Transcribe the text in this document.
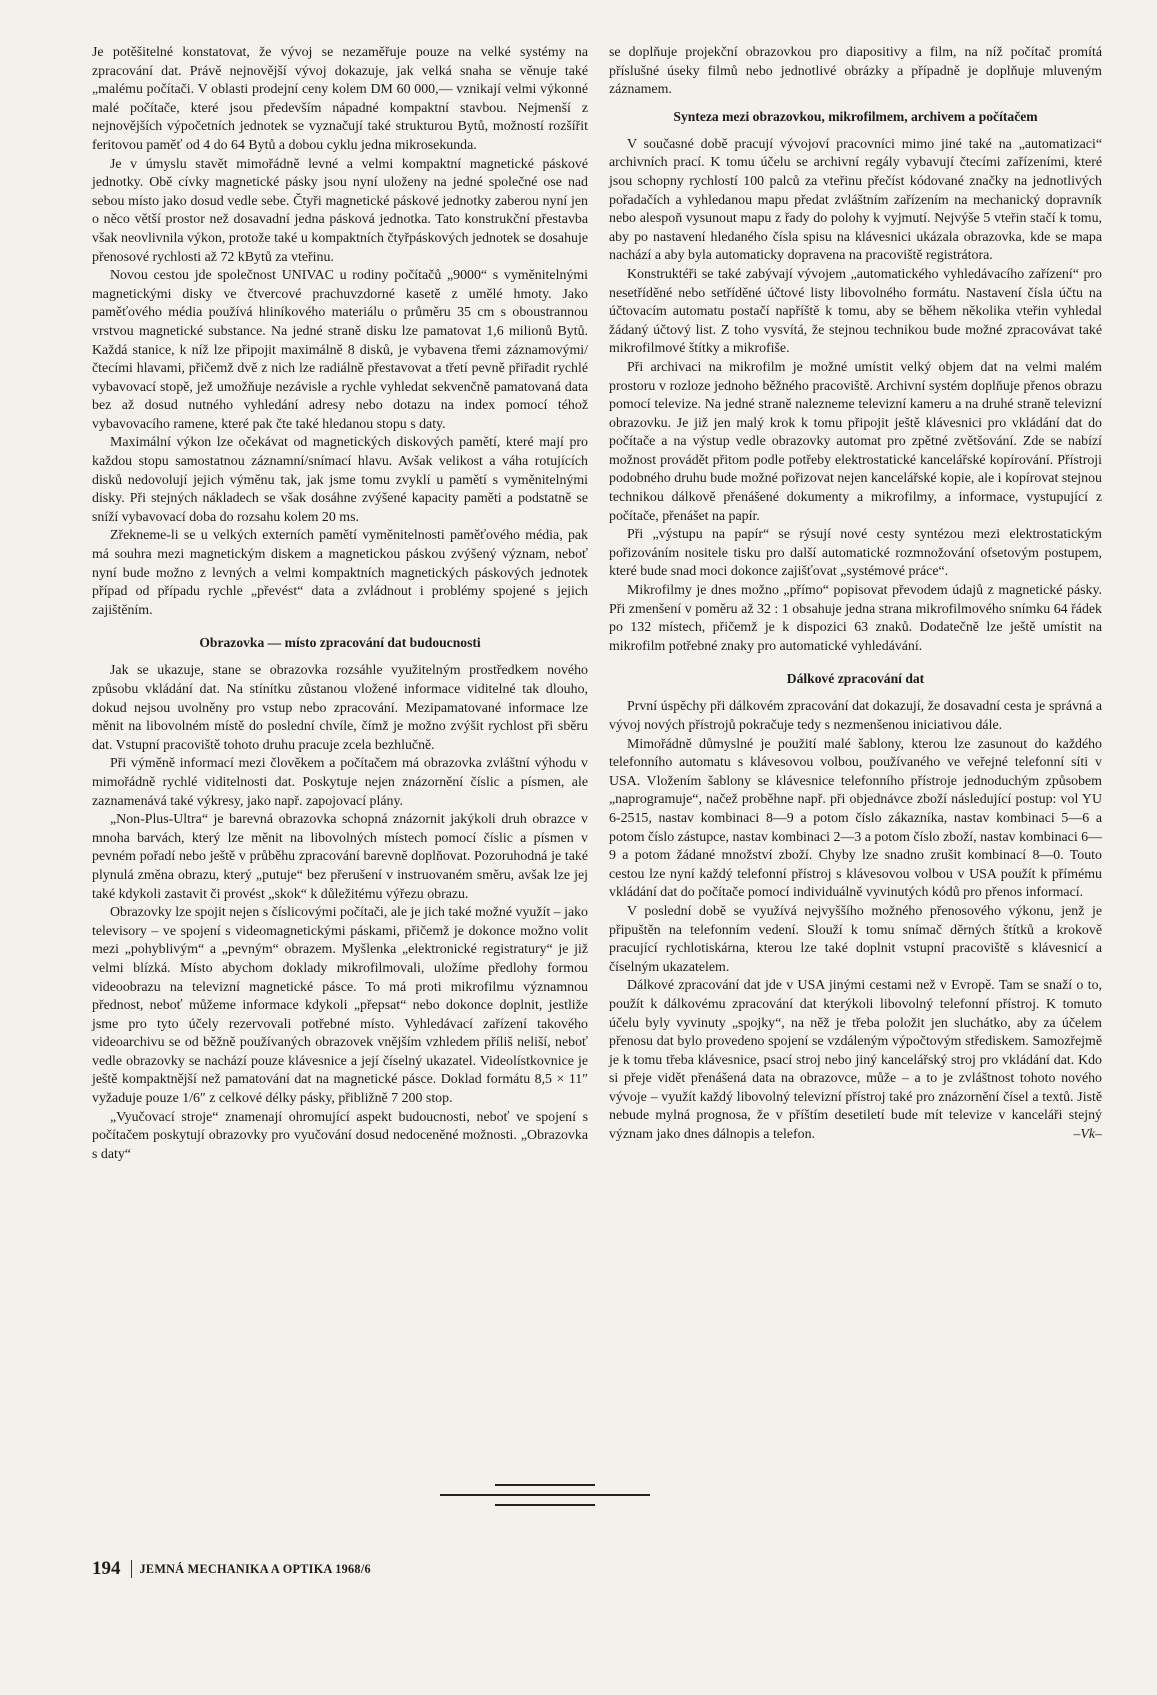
Je potěšitelné konstatovat, že vývoj se nezaměřuje pouze na velké systémy na zpracování dat. Právě nejnovější vývoj dokazuje, jak velká snaha se věnuje také „malému počítači. V oblasti prodejní ceny kolem DM 60 000,— vznikají velmi výkonné malé počítače, které jsou především nápadné kompaktní stavbou. Nejmenší z nejnovějších výpočetních jednotek se vyznačují také strukturou Bytů, možností rozšířit feritovou paměť od 4 do 64 Bytů a dobou cyklu jedna mikrosekunda.

Je v úmyslu stavět mimořádně levné a velmi kompaktní magnetické páskové jednotky. Obě cívky magnetické pásky jsou nyní uloženy na jedné společné ose nad sebou místo jako dosud vedle sebe. Čtyři magnetické páskové jednotky zaberou nyní jen o něco větší prostor než dosavadní jedna pásková jednotka. Tato konstrukční přestavba však neovlivnila výkon, protože také u kompaktních čtyřpáskových jednotek se dosahuje přenosové rychlosti až 72 kBytů za vteřinu.

Novou cestou jde společnost UNIVAC u rodiny počítačů „9000“ s vyměnitelnými magnetickými disky ve čtvercové prachuvzdorné kasetě z umělé hmoty. Jako paměťového média používá hliníkového materiálu o průměru 35 cm s oboustrannou vrstvou magnetické substance. Na jedné straně disku lze pamatovat 1,6 milionů Bytů. Každá stanice, k níž lze připojit maximálně 8 disků, je vybavena třemi záznamovými/čtecími hlavami, přičemž dvě z nich lze radiálně přestavovat a třetí pevně přiřadit rychlé vybavovací stopě, jež umožňuje nezávisle a rychle vyhledat sekvenčně pamatovaná data bez až dosud nutného vyhledání adresy nebo dotazu na index pomocí téhož vybavovacího ramene, které pak čte také hledanou stopu s daty.

Maximální výkon lze očekávat od magnetických diskových pamětí, které mají pro každou stopu samostatnou záznamní/snímací hlavu. Avšak velikost a váha rotujících disků nedovolují jejich výměnu tak, jak jsme tomu zvyklí u pamětí s vyměnitelnými disky. Při stejných nákladech se však dosáhne zvýšené kapacity paměti a podstatně se sníží vybavovací doba do rozsahu kolem 20 ms.

Zřekneme-li se u velkých externích pamětí vyměnitelnosti paměťového média, pak má souhra mezi magnetickým diskem a magnetickou páskou zvýšený význam, neboť nyní bude možno z levných a velmi kompaktních magnetických páskových jednotek případ od případu rychle „převést“ data a zvládnout i problémy spojené s jejich zajištěním.

Obrazovka — místo zpracování dat budoucnosti

Jak se ukazuje, stane se obrazovka rozsáhle využitelným prostředkem nového způsobu vkládání dat. Na stínítku zůstanou vložené informace viditelné tak dlouho, dokud nejsou uvolněny pro vstup nebo zpracování. Mezipamatované informace lze měnit na libovolném místě do poslední chvíle, čímž je možno zvýšit rychlost při sběru dat. Vstupní pracoviště tohoto druhu pracuje zcela bezhlučně.

Při výměně informací mezi člověkem a počítačem má obrazovka zvláštní výhodu v mimořádně rychlé viditelnosti dat. Poskytuje nejen znázornění číslic a písmen, ale zaznamenává také výkresy, jako např. zapojovací plány.

„Non-Plus-Ultra“ je barevná obrazovka schopná znázornit jakýkoli druh obrazce v mnoha barvách, který lze měnit na libovolných místech pomocí číslic a písmen v pevném pořadí nebo ještě v průběhu zpracování barevně doplňovat. Pozoruhodná je také plynulá změna obrazu, který „putuje“ bez přerušení v instruovaném směru, avšak lze jej také kdykoli zastavit či provést „skok“ k důležitému výřezu obrazu.

Obrazovky lze spojit nejen s číslicovými počítači, ale je jich také možné využít – jako televisory – ve spojení s videomagnetickými páskami, přičemž je dokonce možno volit mezi „pohyblivým“ a „pevným“ obrazem. Myšlenka „elektronické registratury“ je již velmi blízká. Místo abychom doklady mikrofilmovali, uložíme předlohy formou videoobrazu na televizní magnetické pásce. To má proti mikrofilmu významnou přednost, neboť můžeme informace kdykoli „přepsat“ nebo dokonce doplnit, jestliže jsme pro tyto účely rezervovali potřebné místo. Vyhledávací zařízení takového videoarchivu se od běžně používaných obrazovek vnějším vzhledem příliš neliší, neboť vedle obrazovky se nachází pouze klávesnice a její číselný ukazatel. Videolístkovnice je ještě kompaktnější než pamatování dat na magnetické pásce. Doklad formátu 8,5 × 11″ vyžaduje pouze 1/6″ z celkové délky pásky, přibližně 7 200 stop.

„Vyučovací stroje“ znamenají ohromující aspekt budoucnosti, neboť ve spojení s počítačem poskytují obrazovky pro vyučování dosud nedoceněné možnosti. „Obrazovka s daty“

se doplňuje projekční obrazovkou pro diapositivy a film, na níž počítač promítá příslušné úseky filmů nebo jednotlivé obrázky a případně je doplňuje mluveným záznamem.

Synteza mezi obrazovkou, mikrofilmem, archivem a počítačem

V současné době pracují vývojoví pracovníci mimo jiné také na „automatizaci“ archivních prací. K tomu účelu se archivní regály vybavují čtecími zařízeními, které jsou schopny rychlostí 100 palců za vteřinu přečíst kódované značky na jednotlivých pořadačích a vyhledanou mapu předat zvláštním zařízením na mechanický dopravník nebo alespoň vysunout mapu z řady do polohy k vyjmutí. Nejvýše 5 vteřin stačí k tomu, aby po nastavení hledaného čísla spisu na klávesnici ukázala obrazovka, kde se mapa nachází a aby byla automaticky dopravena na pracoviště registrátora.

Konstruktéři se také zabývají vývojem „automatického vyhledávacího zařízení“ pro nesetříděné nebo setříděné účtové listy libovolného formátu. Nastavení čísla účtu na účtovacím automatu postačí napříště k tomu, aby se během několika vteřin vyhledal žádaný účtový list. Z toho vysvítá, že stejnou technikou bude možné zpracovávat také mikrofilmové štítky a mikrofiše.

Při archivaci na mikrofilm je možné umístit velký objem dat na velmi malém prostoru v rozloze jednoho běžného pracoviště. Archivní systém doplňuje přenos obrazu pomocí televize. Na jedné straně nalezneme televizní kameru a na druhé straně televizní obrazovku. Je již jen malý krok k tomu připojit ještě klávesnici pro vkládání dat do počítače a na výstup vedle obrazovky automat pro zpětné zvětšování. Zde se nabízí možnost provádět přitom podle potřeby elektrostatické kancelářské kopírování. Přístroji podobného druhu bude možné pořizovat nejen kancelářské kopie, ale i kopírovat stejnou technikou dálkově přenášené dokumenty a mikrofilmy, a informace, vystupující z počítače, přenášet na papír.

Při „výstupu na papír“ se rýsují nové cesty syntézou mezi elektrostatickým pořizováním nositele tisku pro další automatické rozmnožování ofsetovým postupem, které bude snad moci dokonce zajišťovat „systémové práce“.

Mikrofilmy je dnes možno „přímo“ popisovat převodem údajů z magnetické pásky. Při zmenšení v poměru až 32 : 1 obsahuje jedna strana mikrofilmového snímku 64 řádek po 132 místech, přičemž je k dispozici 63 znaků. Dodatečně lze ještě umístit na mikrofilm potřebné znaky pro automatické vyhledávání.

Dálkové zpracování dat

První úspěchy při dálkovém zpracování dat dokazují, že dosavadní cesta je správná a vývoj nových přístrojů pokračuje tedy s nezmenšenou iniciativou dále.

Mimořádně důmyslné je použití malé šablony, kterou lze zasunout do každého telefonního automatu s klávesovou volbou, používaného ve veřejné telefonní síti v USA. Vložením šablony se klávesnice telefonního přístroje jednoduchým způsobem „naprogramuje“, načež proběhne např. při objednávce zboží následující postup: vol YU 6-2515, nastav kombinaci 8—9 a potom číslo zákazníka, nastav kombinaci 5—6 a potom číslo zástupce, nastav kombinaci 2—3 a potom číslo zboží, nastav kombinaci 6—9 a potom žádané množství zboží. Chyby lze snadno zrušit kombinací 8—0. Touto cestou lze nyní každý telefonní přístroj s klávesovou volbou v USA použít k přímému vkládání dat do počítače pomocí individuálně vyvinutých kódů pro přenos informací.

V poslední době se využívá nejvyššího možného přenosového výkonu, jenž je připuštěn na telefonním vedení. Slouží k tomu snímač děrných štítků a krokově pracující rychlotiskárna, kterou lze také doplnit vstupní pracoviště s klávesnicí a číselným ukazatelem.

Dálkové zpracování dat jde v USA jinými cestami než v Evropě. Tam se snaží o to, použít k dálkovému zpracování dat kterýkoli libovolný telefonní přístroj. K tomuto účelu byly vyvinuty „spojky“, na něž je třeba položit jen sluchátko, aby za účelem přenosu dat bylo provedeno spojení se vzdáleným výpočtovým střediskem. Samozřejmě je k tomu třeba klávesnice, psací stroj nebo jiný kancelářský stroj pro vkládání dat. Kdo si přeje vidět přenášená data na obrazovce, může – a to je zvláštnost tohoto nového vývoje – využít každý libovolný televizní přístroj také pro znázornění čísel a textů. Jistě nebude mylná prognosa, že v příštím desetiletí bude mít televize v kanceláři stejný význam jako dnes dálnopis a telefon.	–Vk–

194 JEMNÁ MECHANIKA A OPTIKA 1968/6
